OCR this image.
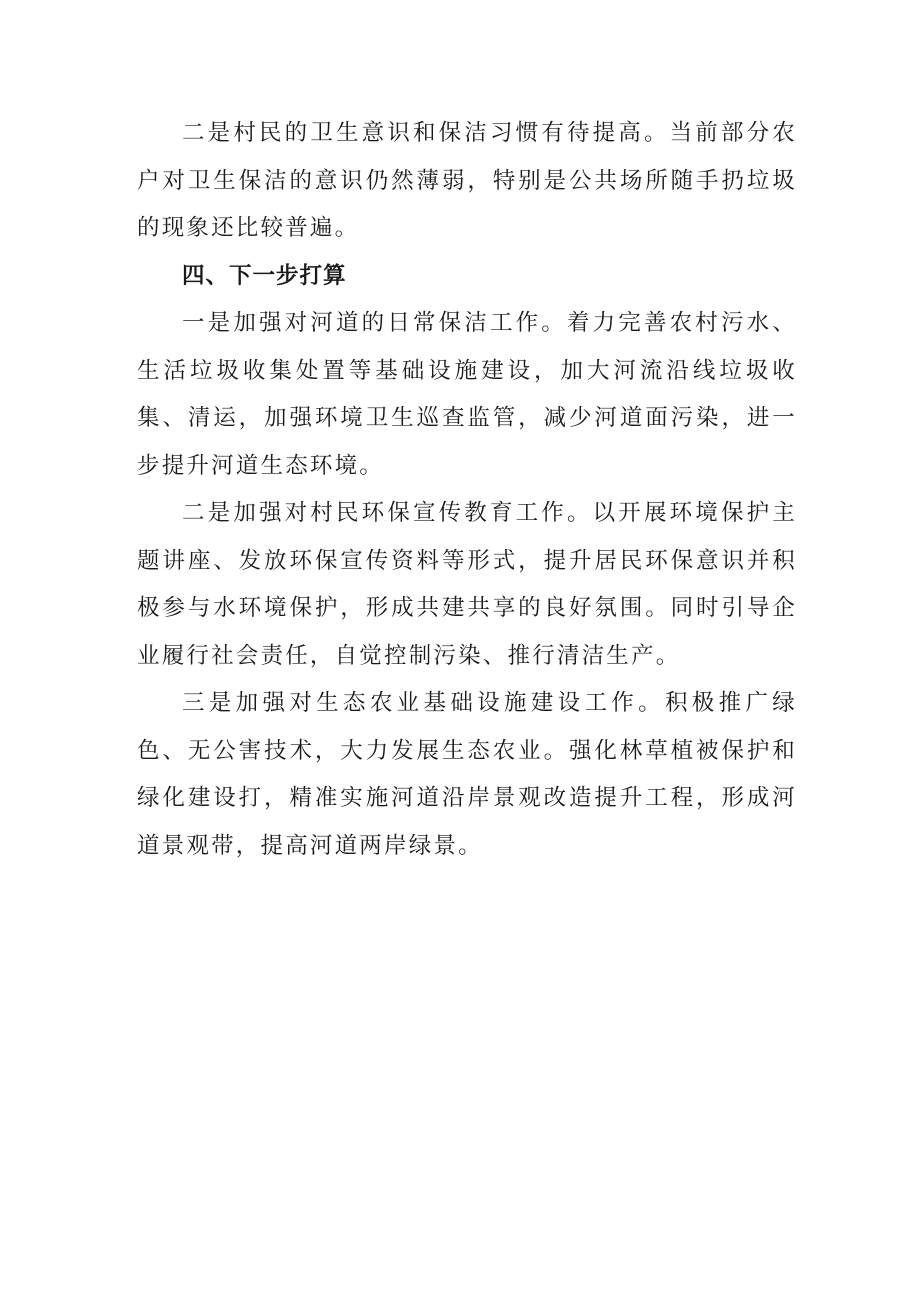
二是村民的卫生意识和保洁习惯有待提高。当前部分农户对卫生保洁的意识仍然薄弱，特别是公共场所随手扔垃圾的现象还比较普遍。

四、下一步打算

一是加强对河道的日常保洁工作。着力完善农村污水、生活垃圾收集处置等基础设施建设，加大河流沿线垃圾收集、清运，加强环境卫生巡查监管，减少河道面污染，进一步提升河道生态环境。

二是加强对村民环保宣传教育工作。以开展环境保护主题讲座、发放环保宣传资料等形式，提升居民环保意识并积极参与水环境保护，形成共建共享的良好氛围。同时引导企业履行社会责任，自觉控制污染、推行清洁生产。

三是加强对生态农业基础设施建设工作。积极推广绿色、无公害技术，大力发展生态农业。强化林草植被保护和绿化建设打，精准实施河道沿岸景观改造提升工程，形成河道景观带，提高河道两岸绿景。
